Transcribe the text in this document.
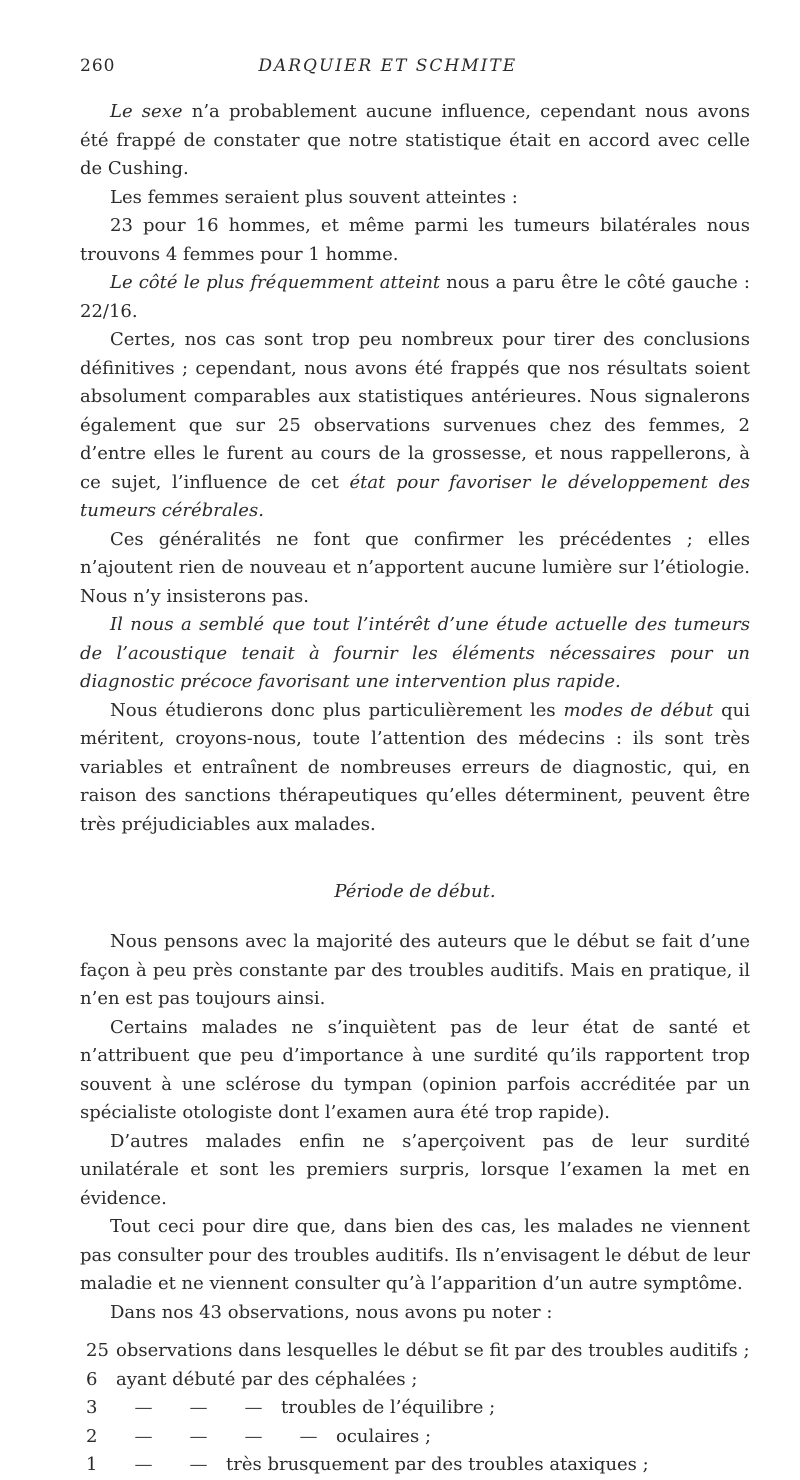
260	DARQUIER ET SCHMITE

Le sexe n’a probablement aucune influence, cependant nous avons été frappé de constater que notre statistique était en accord avec celle de Cushing.

Les femmes seraient plus souvent atteintes :

23 pour 16 hommes, et même parmi les tumeurs bilatérales nous trouvons 4 femmes pour 1 homme.

Le côté le plus fréquemment atteint nous a paru être le côté gauche : 22/16.

Certes, nos cas sont trop peu nombreux pour tirer des conclusions définitives ; cependant, nous avons été frappés que nos résultats soient absolument comparables aux statistiques antérieures. Nous signalerons également que sur 25 observations survenues chez des femmes, 2 d’entre elles le furent au cours de la grossesse, et nous rappellerons, à ce sujet, l’influence de cet état pour favoriser le développement des tumeurs cérébrales.

Ces généralités ne font que confirmer les précédentes ; elles n’ajoutent rien de nouveau et n’apportent aucune lumière sur l’étiologie. Nous n’y insisterons pas.

Il nous a semblé que tout l’intérêt d’une étude actuelle des tumeurs de l’acoustique tenait à fournir les éléments nécessaires pour un diagnostic précoce favorisant une intervention plus rapide.

Nous étudierons donc plus particulièrement les modes de début qui méritent, croyons-nous, toute l’attention des médecins : ils sont très variables et entraînent de nombreuses erreurs de diagnostic, qui, en raison des sanctions thérapeutiques qu’elles déterminent, peuvent être très préjudiciables aux malades.

Période de début.

Nous pensons avec la majorité des auteurs que le début se fait d’une façon à peu près constante par des troubles auditifs. Mais en pratique, il n’en est pas toujours ainsi.

Certains malades ne s’inquiètent pas de leur état de santé et n’attribuent que peu d’importance à une surdité qu’ils rapportent trop souvent à une sclérose du tympan (opinion parfois accréditée par un spécialiste otologiste dont l’examen aura été trop rapide).

D’autres malades enfin ne s’aperçoivent pas de leur surdité unilatérale et sont les premiers surpris, lorsque l’examen la met en évidence.

Tout ceci pour dire que, dans bien des cas, les malades ne viennent pas consulter pour des troubles auditifs. Ils n’envisagent le début de leur maladie et ne viennent consulter qu’à l’apparition d’un autre symptôme.

Dans nos 43 observations, nous avons pu noter :

25 observations dans lesquelles le début se fit par des troubles auditifs ;
6	ayant débuté par des céphalées ;
3	—	—	—	troubles de l’équilibre ;
2	—	—	—	—	oculaires ;
1	—	—	très brusquement par des troubles ataxiques ;
